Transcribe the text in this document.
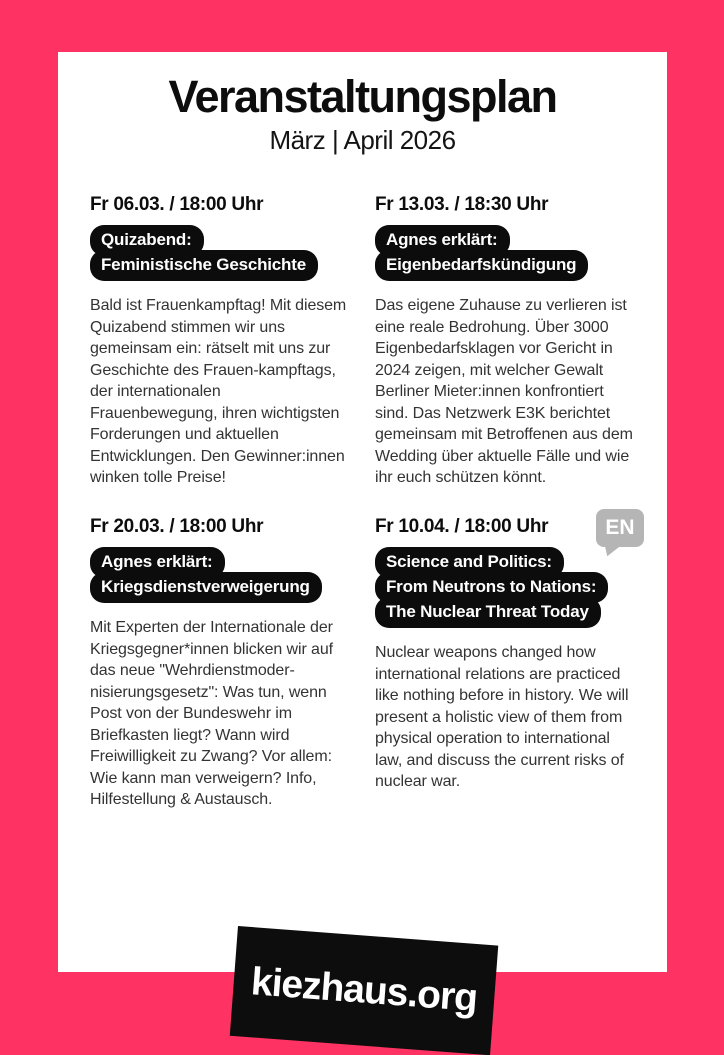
Veranstaltungsplan
März | April 2026
Fr 06.03. / 18:00 Uhr
Quizabend:
Feministische Geschichte

Bald ist Frauenkampftag! Mit diesem Quizabend stimmen wir uns gemeinsam ein: rätselt mit uns zur Geschichte des Frauen-kampftags, der internationalen Frauenbewegung, ihren wichtigsten Forderungen und aktuellen Entwicklungen. Den Gewinner:innen winken tolle Preise!

Fr 13.03. / 18:30 Uhr
Agnes erklärt:
Eigenbedarfskündigung

Das eigene Zuhause zu verlieren ist eine reale Bedrohung. Über 3000 Eigenbedarfsklagen vor Gericht in 2024 zeigen, mit welcher Gewalt Berliner Mieter:innen konfrontiert sind. Das Netzwerk E3K berichtet gemeinsam mit Betroffenen aus dem Wedding über aktuelle Fälle und wie ihr euch schützen könnt.

Fr 20.03. / 18:00 Uhr
Agnes erklärt:
Kriegsdienstverweigerung

Mit Experten der Internationale der Kriegsgegner*innen blicken wir auf das neue "Wehrdienstmoder-nisierungsgesetz": Was tun, wenn Post von der Bundeswehr im Briefkasten liegt? Wann wird Freiwilligkeit zu Zwang? Vor allem: Wie kann man verweigern? Info, Hilfestellung & Austausch.

EN
Fr 10.04. / 18:00 Uhr
Science and Politics:
From Neutrons to Nations:
The Nuclear Threat Today

Nuclear weapons changed how international relations are practiced like nothing before in history. We will present a holistic view of them from physical operation to international law, and discuss the current risks of nuclear war.

kiezhaus.org
